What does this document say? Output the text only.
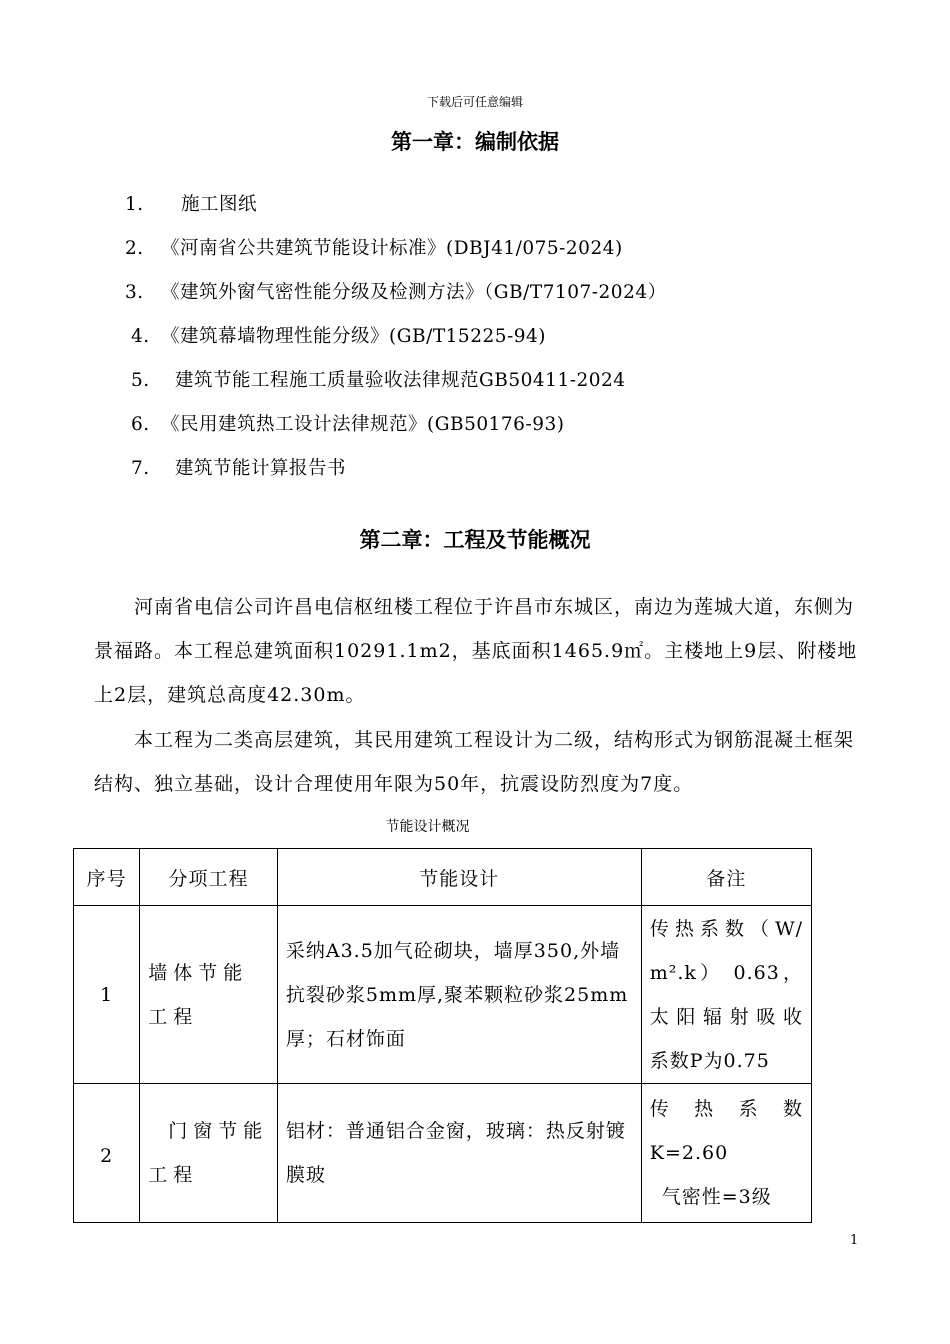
下载后可任意编辑
第一章：编制依据
1. 施工图纸
2. 《河南省公共建筑节能设计标准》(DBJ41/075-2024)
3. 《建筑外窗气密性能分级及检测方法》（GB/T7107-2024）
4. 《建筑幕墙物理性能分级》(GB/T15225-94)
5. 建筑节能工程施工质量验收法律规范GB50411-2024
6. 《民用建筑热工设计法律规范》(GB50176-93)
7. 建筑节能计算报告书
第二章：工程及节能概况

河南省电信公司许昌电信枢纽楼工程位于许昌市东城区，南边为莲城大道，东侧为景福路。本工程总建筑面积10291.1m2，基底面积1465.9㎡。主楼地上9层、附楼地上2层，建筑总高度42.30m。

本工程为二类高层建筑，其民用建筑工程设计为二级，结构形式为钢筋混凝土框架结构、独立基础，设计合理使用年限为50年，抗震设防烈度为7度。

节能设计概况
序号	分项工程	节能设计	备注
1	墙体节能工程	采纳A3.5加气砼砌块，墙厚350,外墙抗裂砂浆5mm厚,聚苯颗粒砂浆25mm厚；石材饰面	传热系数（W/
m².k） 0.63，
太阳辐射吸收
系数P为0.75

2	门窗节能工程	铝材：普通铝合金窗，玻璃：热反射镀膜玻	传热系数
K=2.60
气密性=3级
1
